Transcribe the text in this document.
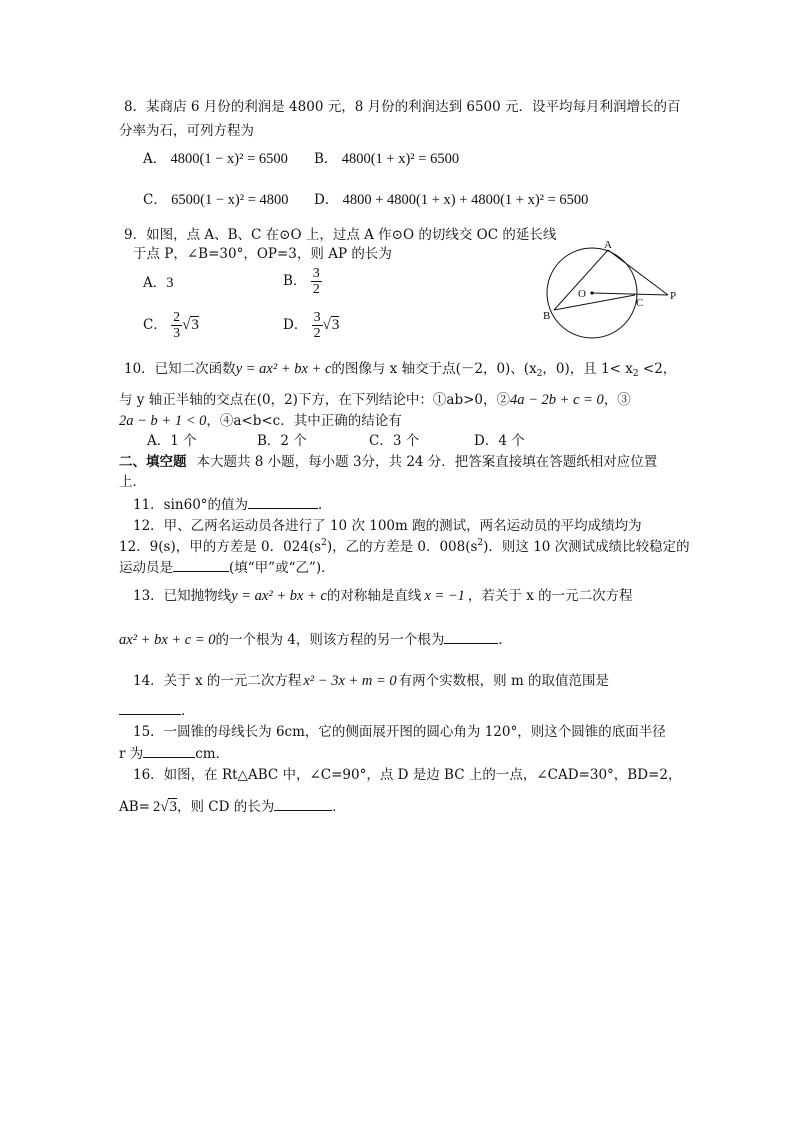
8．某商店 6 月份的利润是 4800 元，8 月份的利润达到 6500 元．设平均每月利润增长的百
分率为石，可列方程为
A． 4800(1 − x)² = 6500 B． 4800(1 + x)² = 6500
C． 6500(1 − x)² = 4800 D． 4800 + 4800(1 + x) + 4800(1 + x)² = 6500
9．如图，点 A、B、C 在⊙O 上，过点 A 作⊙O 的切线交 OC 的延长线
于点 P，∠B=30°，OP=3，则 AP 的长为
A．3	B． $\frac{3}{2}$
C． $\frac{2}{3} √3$	D． $\frac{3}{2} √3$
A
B
C
O	P
10．已知二次函数y = ax² + bx + c的图像与 x 轴交于点(－2，0)、($x_2$，0)，且 $1< x_2 <2$，
与 y 轴正半轴的交点在(0，2)下方，在下列结论中：①ab>0，②4a − 2b + c = 0，③
2a − b + 1 < 0，④a<b<c．其中正确的结论有
A．1 个	B．2 个	C．3 个	D．4 个
二、填空题 本大题共 8 小题，每小题 3分，共 24 分．把答案直接填在答题纸相对应位置
上．
11．sin60°的值为	．
12．甲、乙两名运动员各进行了 10 次 100m 跑的测试，两名运动员的平均成绩均为
12．9(s)，甲的方差是 0．$024(s^2)$，乙的方差是 0．$008(s^2)$．则这 10 次测试成绩比较稳定的
运动员是	(填“甲”或“乙”)．
13．已知抛物线y = ax² + bx + c的对称轴是直线 x = −1 ，若关于 x 的一元二次方程
ax² + bx + c = 0的一个根为 4，则该方程的另一个根为	．
14．关于 x 的一元二次方程 x² − 3x + m = 0 有两个实数根，则 m 的取值范围是
．
15．一圆锥的母线长为 6cm，它的侧面展开图的圆心角为 120°，则这个圆锥的底面半径
r 为	cm．
16．如图，在 Rt△ABC 中，∠C=90°，点 D 是边 BC 上的一点，∠CAD=30°，BD=2，
AB= 2√3，则 CD 的长为	．
